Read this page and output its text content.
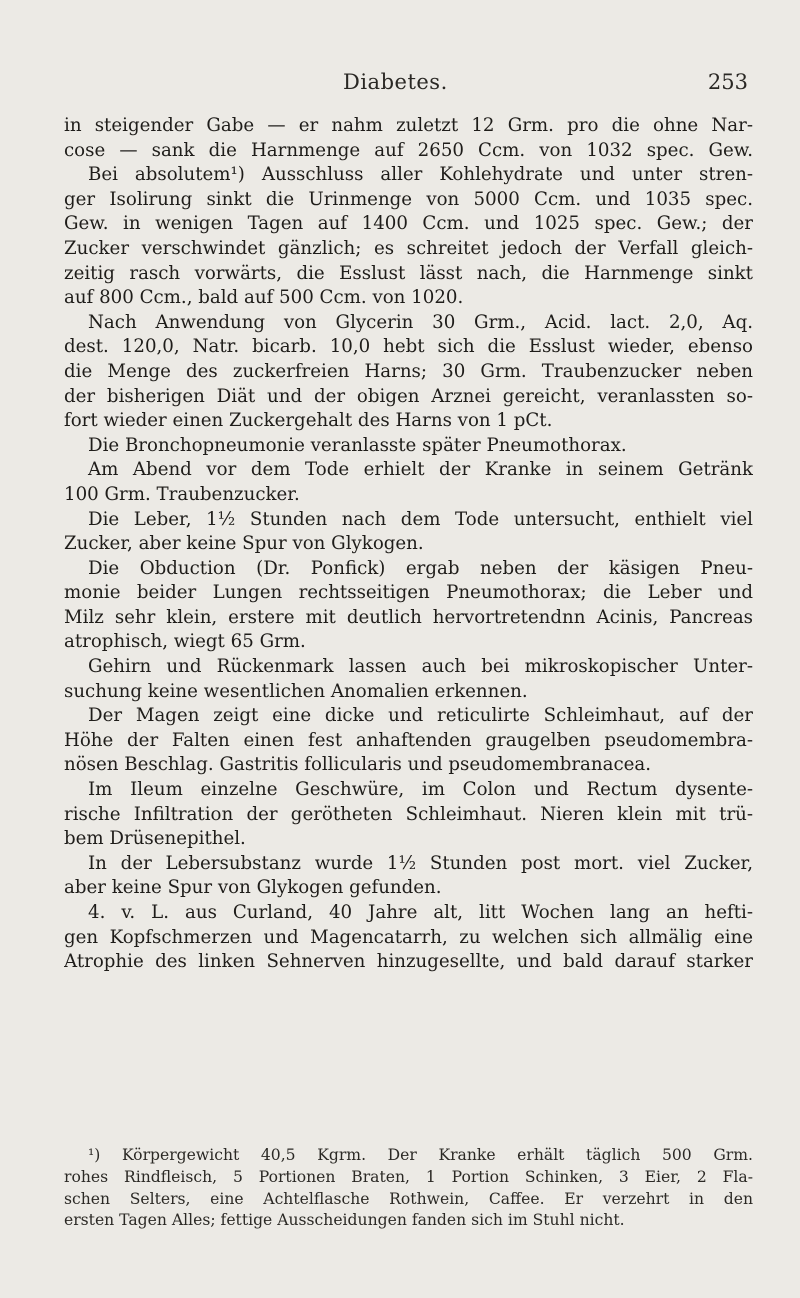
Diabetes.	253
in steigender Gabe — er nahm zuletzt 12 Grm. pro die ohne Nar-
cose — sank die Harnmenge auf 2650 Ccm. von 1032 spec. Gew.
Bei absolutem¹) Ausschluss aller Kohlehydrate und unter stren-
ger Isolirung sinkt die Urinmenge von 5000 Ccm. und 1035 spec.
Gew. in wenigen Tagen auf 1400 Ccm. und 1025 spec. Gew.; der
Zucker verschwindet gänzlich; es schreitet jedoch der Verfall gleich-
zeitig rasch vorwärts, die Esslust lässt nach, die Harnmenge sinkt
auf 800 Ccm., bald auf 500 Ccm. von 1020.
Nach Anwendung von Glycerin 30 Grm., Acid. lact. 2,0, Aq.
dest. 120,0, Natr. bicarb. 10,0 hebt sich die Esslust wieder, ebenso
die Menge des zuckerfreien Harns; 30 Grm. Traubenzucker neben
der bisherigen Diät und der obigen Arznei gereicht, veranlassten so-
fort wieder einen Zuckergehalt des Harns von 1 pCt.
Die Bronchopneumonie veranlasste später Pneumothorax.
Am Abend vor dem Tode erhielt der Kranke in seinem Getränk
100 Grm. Traubenzucker.
Die Leber, 1½ Stunden nach dem Tode untersucht, enthielt viel
Zucker, aber keine Spur von Glykogen.
Die Obduction (Dr. Ponfick) ergab neben der käsigen Pneu-
monie beider Lungen rechtsseitigen Pneumothorax; die Leber und
Milz sehr klein, erstere mit deutlich hervortretendnn Acinis, Pancreas
atrophisch, wiegt 65 Grm.
Gehirn und Rückenmark lassen auch bei mikroskopischer Unter-
suchung keine wesentlichen Anomalien erkennen.
Der Magen zeigt eine dicke und reticulirte Schleimhaut, auf der
Höhe der Falten einen fest anhaftenden graugelben pseudomembra-
nösen Beschlag. Gastritis follicularis und pseudomembranacea.
Im Ileum einzelne Geschwüre, im Colon und Rectum dysente-
rische Infiltration der gerötheten Schleimhaut. Nieren klein mit trü-
bem Drüsenepithel.
In der Lebersubstanz wurde 1½ Stunden post mort. viel Zucker,
aber keine Spur von Glykogen gefunden.
4. v. L. aus Curland, 40 Jahre alt, litt Wochen lang an hefti-
gen Kopfschmerzen und Magencatarrh, zu welchen sich allmälig eine
Atrophie des linken Sehnerven hinzugesellte, und bald darauf starker
¹) Körpergewicht 40,5 Kgrm. Der Kranke erhält täglich 500 Grm.
rohes Rindfleisch, 5 Portionen Braten, 1 Portion Schinken, 3 Eier, 2 Fla-
schen Selters, eine Achtelflasche Rothwein, Caffee. Er verzehrt in den
ersten Tagen Alles; fettige Ausscheidungen fanden sich im Stuhl nicht.
